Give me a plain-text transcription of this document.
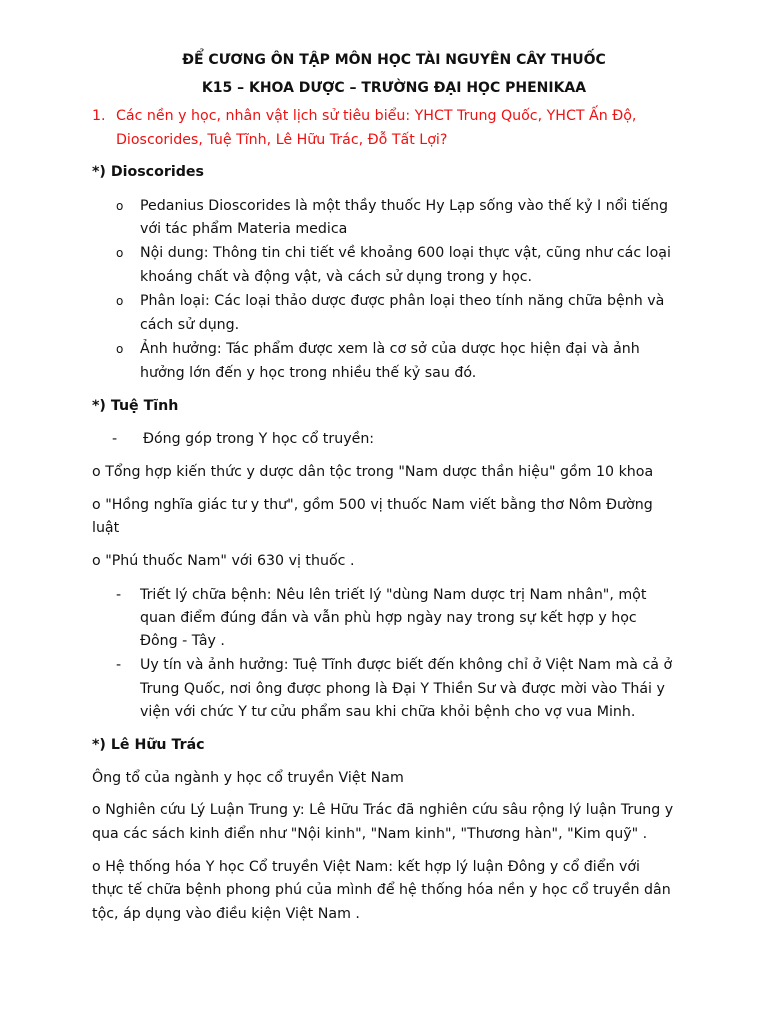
ĐỂ CƯƠNG ÔN TẬP MÔN HỌC TÀI NGUYÊN CÂY THUỐC
K15 – KHOA DƯỢC – TRƯỜNG ĐẠI HỌC PHENIKAA
1. Các nền y học, nhân vật lịch sử tiêu biểu: YHCT Trung Quốc, YHCT Ấn Độ,
Dioscorides, Tuệ Tĩnh, Lê Hữu Trác, Đỗ Tất Lợi?
*) Dioscorides
o Pedanius Dioscorides là một thầy thuốc Hy Lạp sống vào thế kỷ I nổi tiếng
với tác phẩm Materia medica
o Nội dung: Thông tin chi tiết về khoảng 600 loại thực vật, cũng như các loại
khoáng chất và động vật, và cách sử dụng trong y học.
o Phân loại: Các loại thảo dược được phân loại theo tính năng chữa bệnh và
cách sử dụng.
o Ảnh hưởng: Tác phẩm được xem là cơ sở của dược học hiện đại và ảnh
hưởng lớn đến y học trong nhiều thế kỷ sau đó.
*) Tuệ Tĩnh
- Đóng góp trong Y học cổ truyền:
o Tổng hợp kiến thức y dược dân tộc trong "Nam dược thần hiệu" gồm 10 khoa
o "Hồng nghĩa giác tư y thư", gồm 500 vị thuốc Nam viết bằng thơ Nôm Đường
luật
o "Phú thuốc Nam" với 630 vị thuốc .
- Triết lý chữa bệnh: Nêu lên triết lý "dùng Nam dược trị Nam nhân", một
quan điểm đúng đắn và vẫn phù hợp ngày nay trong sự kết hợp y học
Đông - Tây .
- Uy tín và ảnh hưởng: Tuệ Tĩnh được biết đến không chỉ ở Việt Nam mà cả ở
Trung Quốc, nơi ông được phong là Đại Y Thiền Sư và được mời vào Thái y
viện với chức Y tư cửu phẩm sau khi chữa khỏi bệnh cho vợ vua Minh.
*) Lê Hữu Trác
Ông tổ của ngành y học cổ truyền Việt Nam
o Nghiên cứu Lý Luận Trung y: Lê Hữu Trác đã nghiên cứu sâu rộng lý luận Trung y
qua các sách kinh điển như "Nội kinh", "Nam kinh", "Thương hàn", "Kim quỹ" .
o Hệ thống hóa Y học Cổ truyền Việt Nam: kết hợp lý luận Đông y cổ điển với
thực tế chữa bệnh phong phú của mình để hệ thống hóa nền y học cổ truyền dân
tộc, áp dụng vào điều kiện Việt Nam .
